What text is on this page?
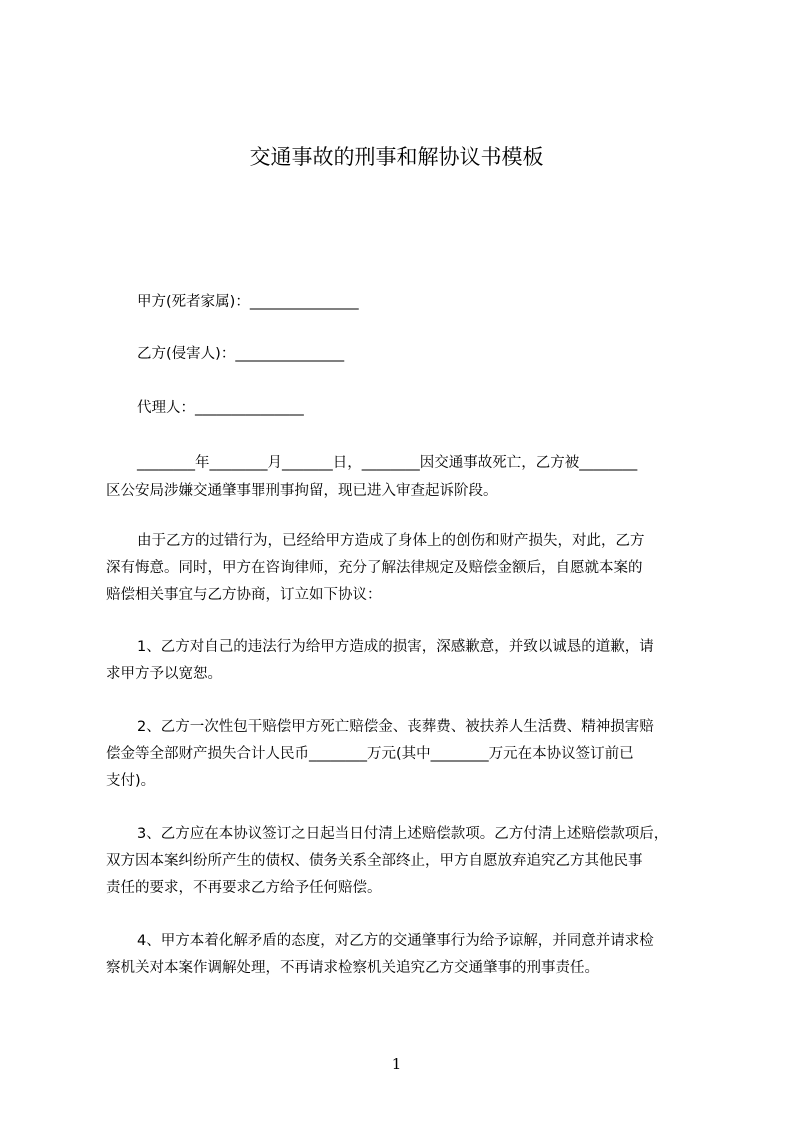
交通事故的刑事和解协议书模板
甲方(死者家属)：_______________
乙方(侵害人)：_______________
代理人：_______________
________年________月_______日，________因交通事故死亡，乙方被________
区公安局涉嫌交通肇事罪刑事拘留，现已进入审查起诉阶段。
由于乙方的过错行为，已经给甲方造成了身体上的创伤和财产损失，对此，乙方
深有悔意。同时，甲方在咨询律师，充分了解法律规定及赔偿金额后，自愿就本案的
赔偿相关事宜与乙方协商，订立如下协议：
1、乙方对自己的违法行为给甲方造成的损害，深感歉意，并致以诚恳的道歉，请
求甲方予以宽恕。
2、乙方一次性包干赔偿甲方死亡赔偿金、丧葬费、被扶养人生活费、精神损害赔
偿金等全部财产损失合计人民币________万元(其中________万元在本协议签订前已
支付)。
3、乙方应在本协议签订之日起当日付清上述赔偿款项。乙方付清上述赔偿款项后，
双方因本案纠纷所产生的债权、债务关系全部终止，甲方自愿放弃追究乙方其他民事
责任的要求，不再要求乙方给予任何赔偿。
4、甲方本着化解矛盾的态度，对乙方的交通肇事行为给予谅解，并同意并请求检
察机关对本案作调解处理，不再请求检察机关追究乙方交通肇事的刑事责任。
1
